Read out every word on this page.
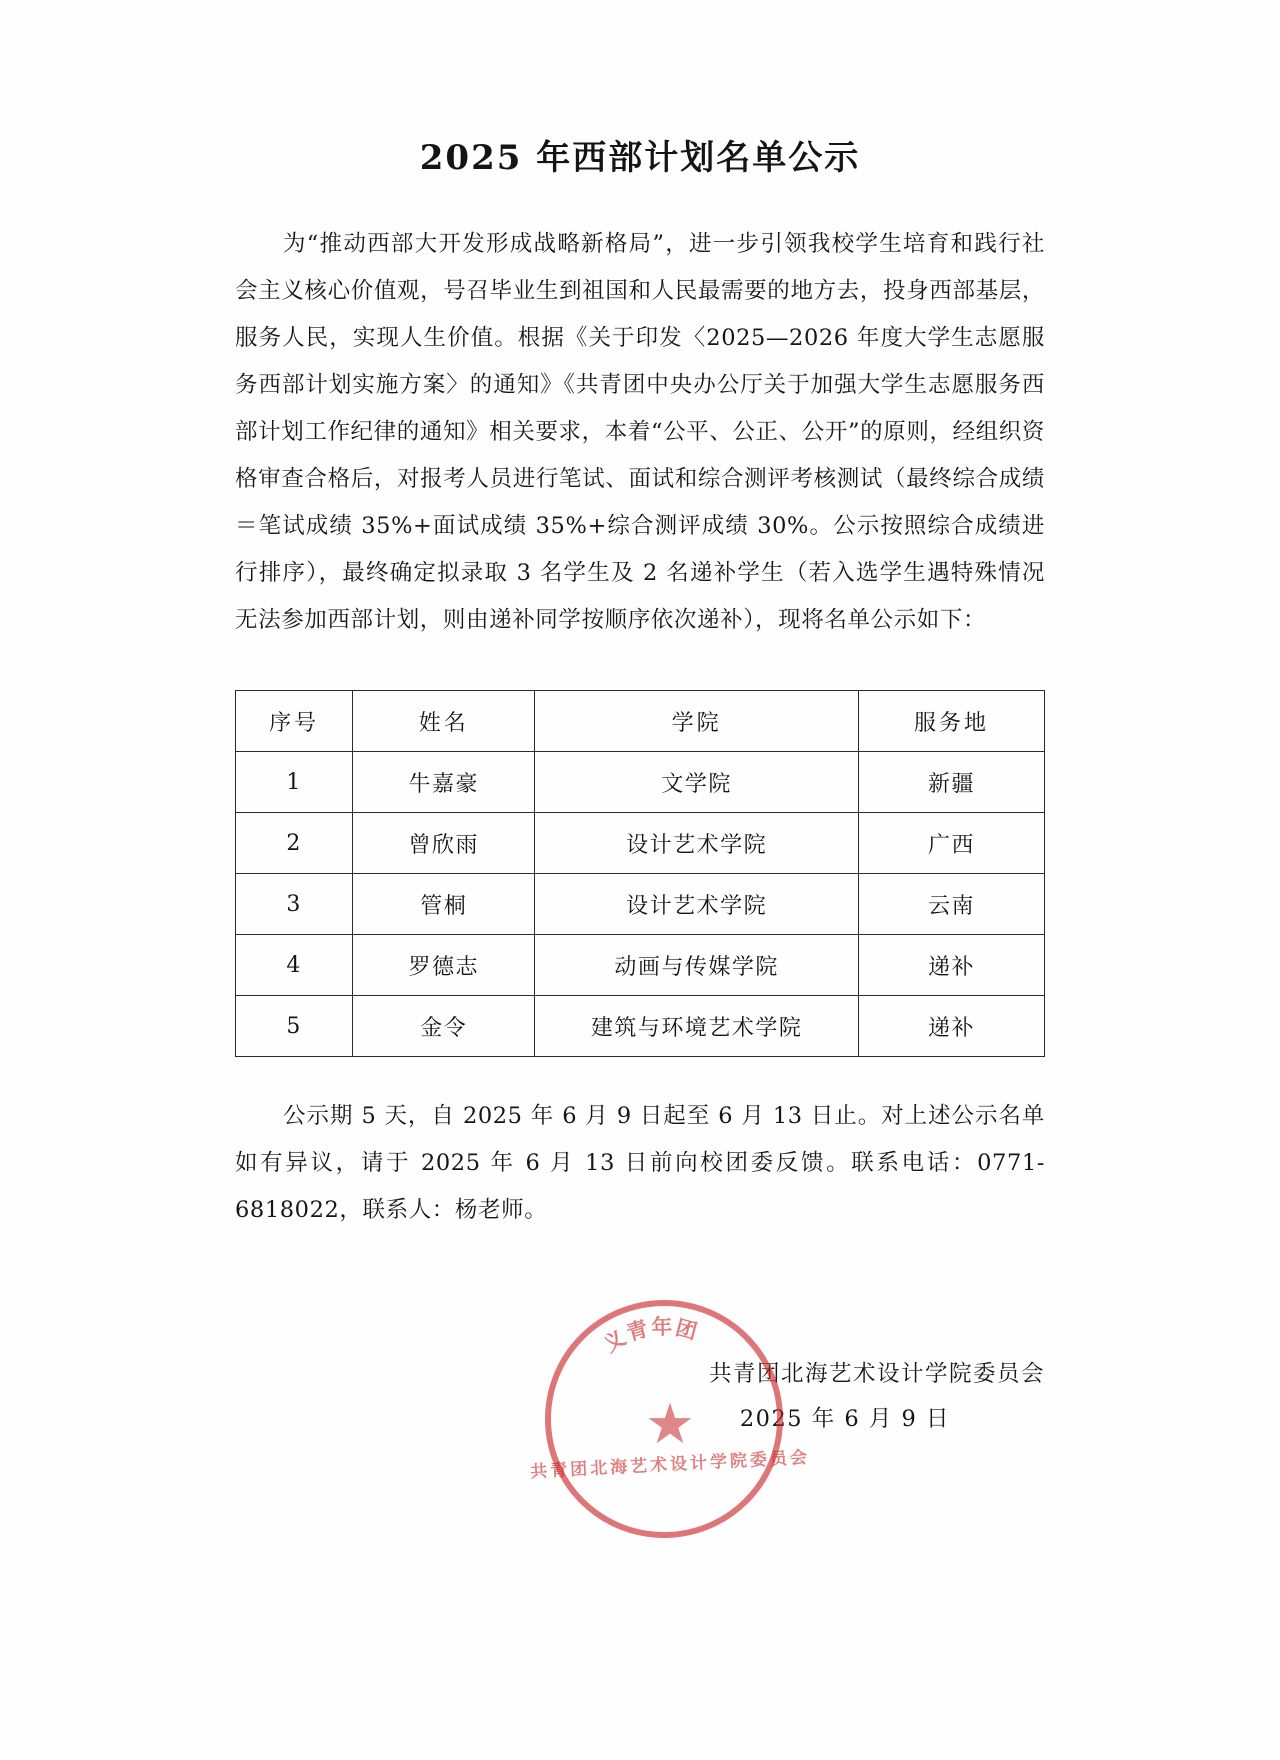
2025 年西部计划名单公示

为“推动西部大开发形成战略新格局”，进一步引领我校学生培育和践行社会主义核心价值观，号召毕业生到祖国和人民最需要的地方去，投身西部基层，服务人民，实现人生价值。根据《关于印发〈2025—2026 年度大学生志愿服务西部计划实施方案〉的通知》《共青团中央办公厅关于加强大学生志愿服务西部计划工作纪律的通知》相关要求，本着“公平、公正、公开”的原则，经组织资格审查合格后，对报考人员进行笔试、面试和综合测评考核测试（最终综合成绩＝笔试成绩 35%+面试成绩 35%+综合测评成绩 30%。公示按照综合成绩进行排序），最终确定拟录取 3 名学生及 2 名递补学生（若入选学生遇特殊情况无法参加西部计划，则由递补同学按顺序依次递补），现将名单公示如下：

序号	姓名	学院	服务地
1	牛嘉豪	文学院	新疆
2	曾欣雨	设计艺术学院	广西
3	管桐	设计艺术学院	云南
4	罗德志	动画与传媒学院	递补
5	金令	建筑与环境艺术学院	递补

公示期 5 天，自 2025 年 6 月 9 日起至 6 月 13 日止。对上述公示名单如有异议，请于 2025 年 6 月 13 日前向校团委反馈。联系电话：0771-6818022，联系人：杨老师。

共青团北海艺术设计学院委员会
2025 年 6 月 9 日
义青年团
★
共青团北海艺术设计学院委员会
